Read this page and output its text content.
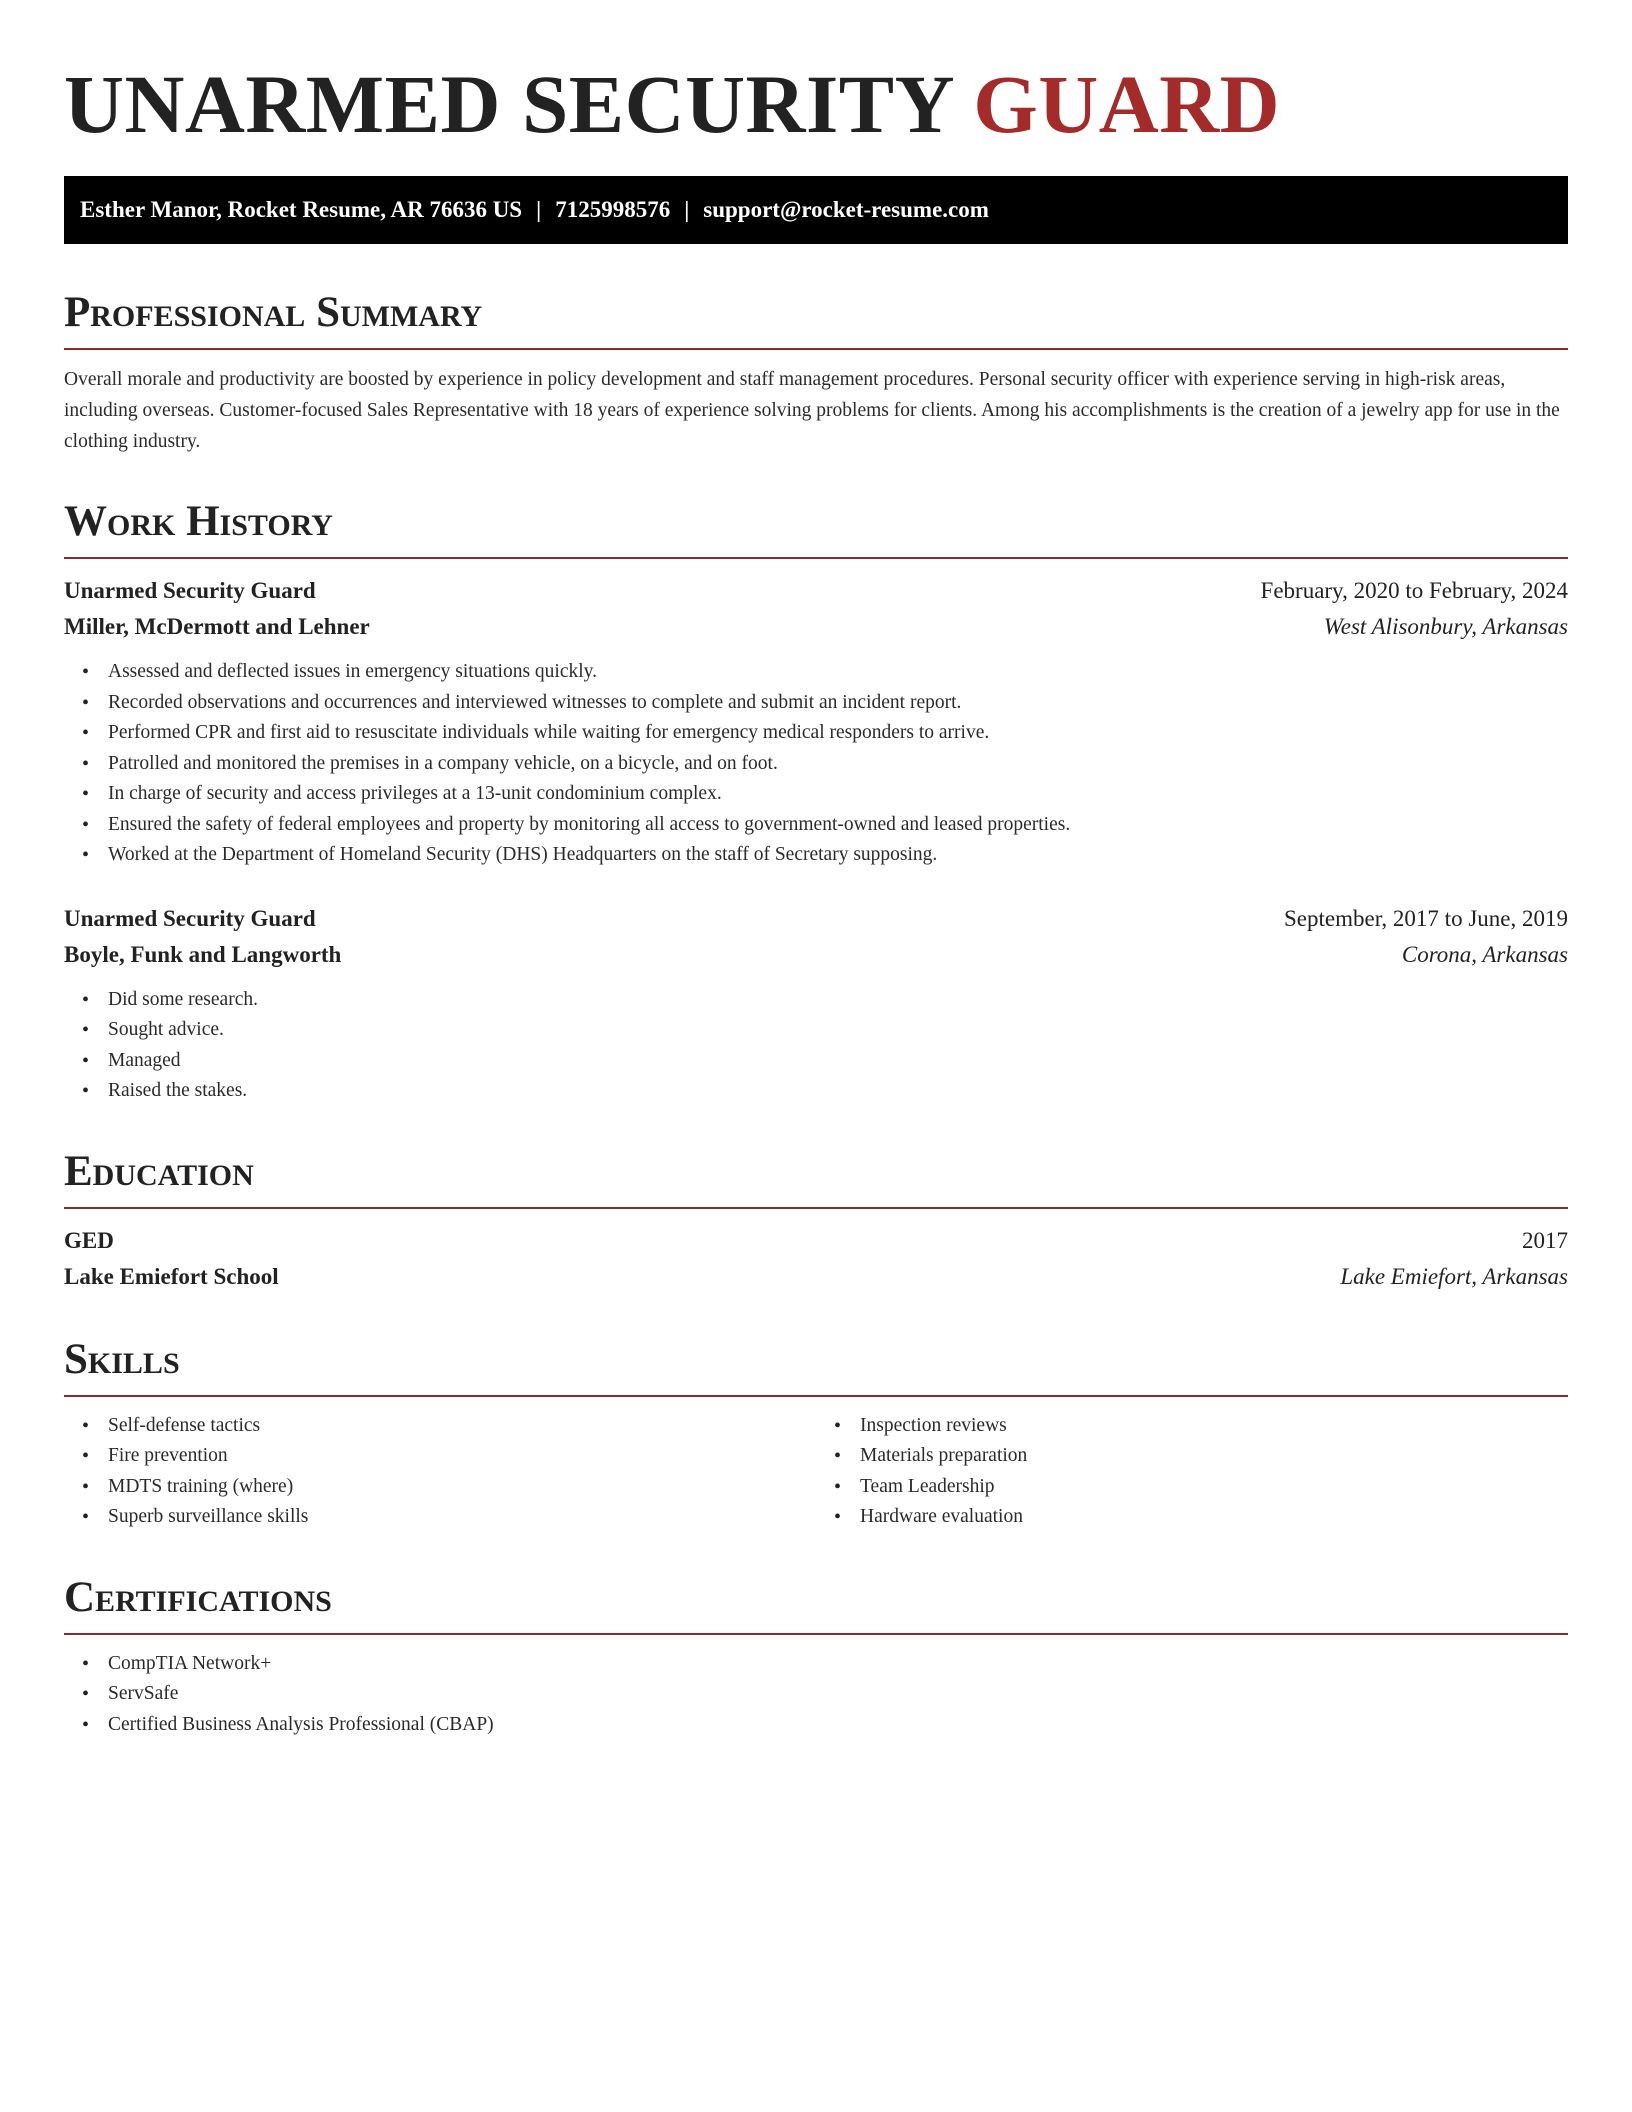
UNARMED SECURITY GUARD
Esther Manor, Rocket Resume, AR 76636 US | 7125998576 | support@rocket-resume.com
Professional Summary

Overall morale and productivity are boosted by experience in policy development and staff management procedures. Personal security officer with experience serving in high-risk areas, including overseas. Customer-focused Sales Representative with 18 years of experience solving problems for clients. Among his accomplishments is the creation of a jewelry app for use in the clothing industry.

Work History
Unarmed Security Guard	February, 2020 to February, 2024
Miller, McDermott and Lehner	West Alisonbury, Arkansas
• Assessed and deflected issues in emergency situations quickly.
• Recorded observations and occurrences and interviewed witnesses to complete and submit an incident report.
• Performed CPR and first aid to resuscitate individuals while waiting for emergency medical responders to arrive.
• Patrolled and monitored the premises in a company vehicle, on a bicycle, and on foot.
• In charge of security and access privileges at a 13-unit condominium complex.
• Ensured the safety of federal employees and property by monitoring all access to government-owned and leased properties.
• Worked at the Department of Homeland Security (DHS) Headquarters on the staff of Secretary supposing.
Unarmed Security Guard	September, 2017 to June, 2019
Boyle, Funk and Langworth	Corona, Arkansas
• Did some research.
• Sought advice.
• Managed
• Raised the stakes.
Education
GED	2017
Lake Emiefort School	Lake Emiefort, Arkansas
Skills
• Self-defense tactics
• Fire prevention
• MDTS training (where)
• Superb surveillance skills
• Inspection reviews
• Materials preparation
• Team Leadership
• Hardware evaluation
Certifications
• CompTIA Network+
• ServSafe
• Certified Business Analysis Professional (CBAP)
